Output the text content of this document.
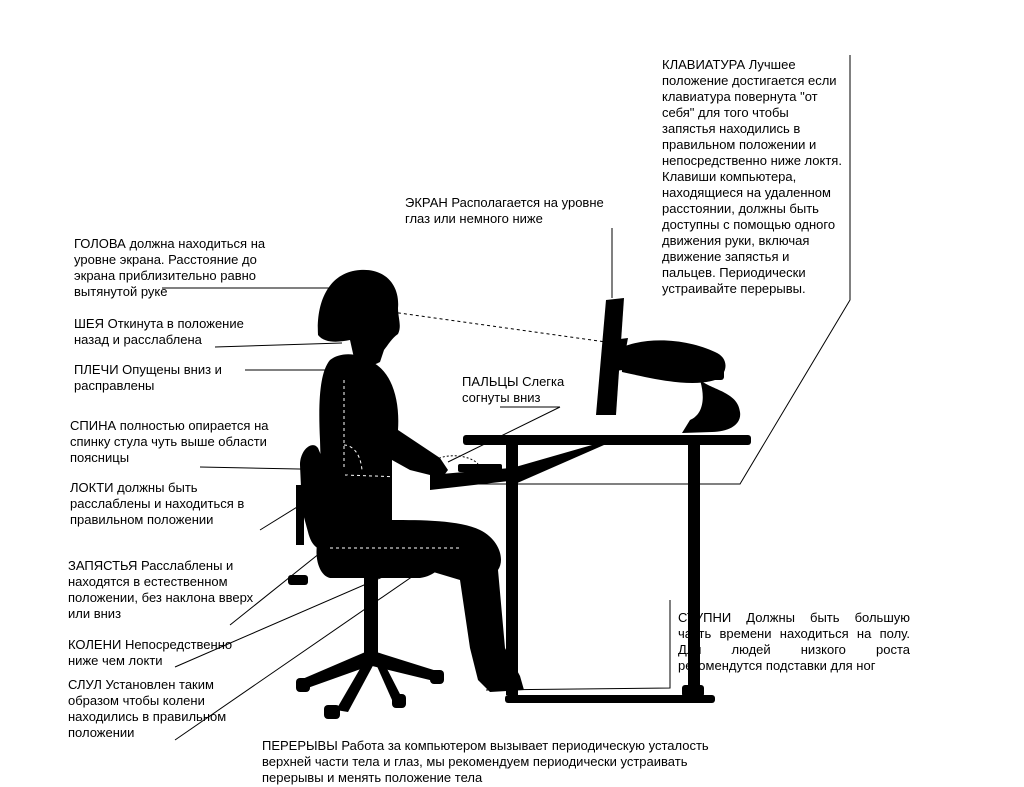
ГОЛОВА должна находиться на уровне экрана. Расстояние до экрана приблизительно равно вытянутой руке
ШЕЯ Откинута в положение назад и расслаблена
ПЛЕЧИ Опущены вниз и расправлены
СПИНА полностью опирается на спинку стула чуть выше области поясницы
ЛОКТИ должны быть расслаблены и находиться в правильном положении
ЗАПЯСТЬЯ Расслаблены и находятся в естественном положении, без наклона вверх или вниз
КОЛЕНИ Непосредственно ниже чем локти
СЛУЛ Установлен таким образом чтобы колени находились в правильном положении
ЭКРАН Располагается на уровне глаз или немного ниже
ПАЛЬЦЫ Слегка согнуты вниз
КЛАВИАТУРА Лучшее положение достигается если клавиатура повернута "от себя" для того чтобы запястья находились в правильном положении и непосредственно ниже локтя. Клавиши компьютера, находящиеся на удаленном расстоянии, должны быть доступны с помощью одного движения руки, включая движение запястья и пальцев. Периодически устраивайте перерывы.
СТУПНИ Должны быть большую часть времени находиться на полу. Для людей низкого роста рекомендутся подставки для ног
ПЕРЕРЫВЫ Работа за компьютером вызывает периодическую усталость верхней части тела и глаз, мы рекомендуем периодически устраивать перерывы и менять положение тела
